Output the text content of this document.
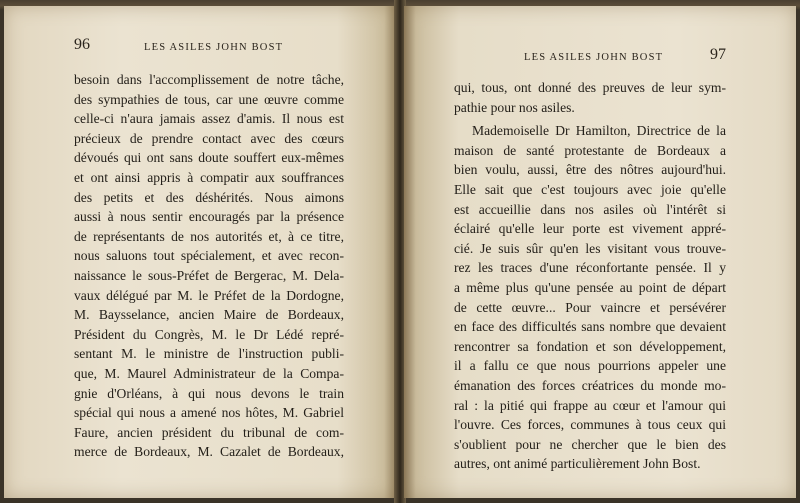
96	LES ASILES JOHN BOST
besoin dans l'accomplissement de notre tâche,
des sympathies de tous, car une œuvre comme
celle-ci n'aura jamais assez d'amis. Il nous est
précieux de prendre contact avec des cœurs
dévoués qui ont sans doute souffert eux-mêmes
et ont ainsi appris à compatir aux souffrances
des petits et des déshérités. Nous aimons
aussi à nous sentir encouragés par la présence
de représentants de nos autorités et, à ce titre,
nous saluons tout spécialement, et avec recon-
naissance le sous-Préfet de Bergerac, M. Dela-
vaux délégué par M. le Préfet de la Dordogne,
M. Baysselance, ancien Maire de Bordeaux,
Président du Congrès, M. le Dr Lédé repré-
sentant M. le ministre de l'instruction publi-
que, M. Maurel Administrateur de la Compa-
gnie d'Orléans, à qui nous devons le train
spécial qui nous a amené nos hôtes, M. Gabriel
Faure, ancien président du tribunal de com-
merce de Bordeaux, M. Cazalet de Bordeaux,
LES ASILES JOHN BOST	97
qui, tous, ont donné des preuves de leur sym-
pathie pour nos asiles.
Mademoiselle Dr Hamilton, Directrice de la
maison de santé protestante de Bordeaux a
bien voulu, aussi, être des nôtres aujourd'hui.
Elle sait que c'est toujours avec joie qu'elle
est accueillie dans nos asiles où l'intérêt si
éclairé qu'elle leur porte est vivement appré-
cié. Je suis sûr qu'en les visitant vous trouve-
rez les traces d'une réconfortante pensée. Il y
a même plus qu'une pensée au point de départ
de cette œuvre... Pour vaincre et persévérer
en face des difficultés sans nombre que devaient
rencontrer sa fondation et son développement,
il a fallu ce que nous pourrions appeler une
émanation des forces créatrices du monde mo-
ral : la pitié qui frappe au cœur et l'amour qui
l'ouvre. Ces forces, communes à tous ceux qui
s'oublient pour ne chercher que le bien des
autres, ont animé particulièrement John Bost.
